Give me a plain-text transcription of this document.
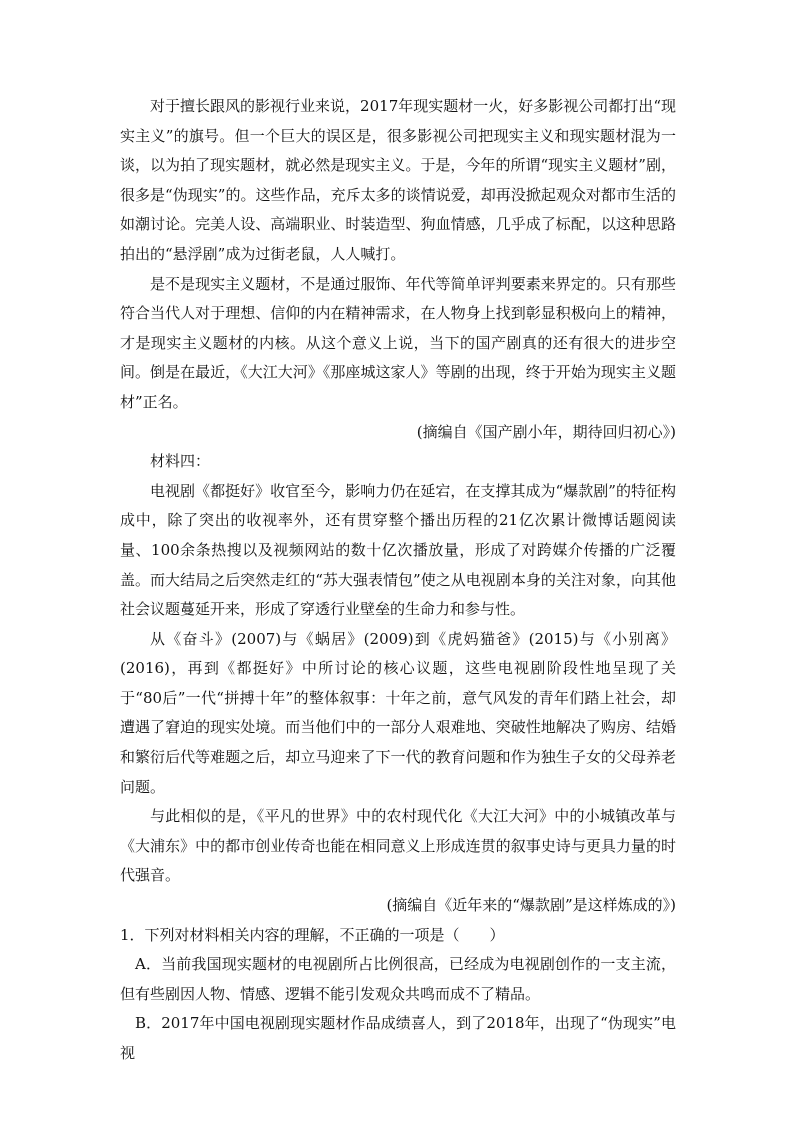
对于擅长跟风的影视行业来说，2017年现实题材一火，好多影视公司都打出“现实主义”的旗号。但一个巨大的误区是，很多影视公司把现实主义和现实题材混为一谈，以为拍了现实题材，就必然是现实主义。于是，今年的所谓“现实主义题材”剧，很多是“伪现实”的。这些作品，充斥太多的谈情说爱，却再没掀起观众对都市生活的如潮讨论。完美人设、高端职业、时装造型、狗血情感，几乎成了标配，以这种思路拍出的“悬浮剧”成为过街老鼠，人人喊打。

是不是现实主义题材，不是通过服饰、年代等简单评判要素来界定的。只有那些符合当代人对于理想、信仰的内在精神需求，在人物身上找到彰显积极向上的精神，才是现实主义题材的内核。从这个意义上说，当下的国产剧真的还有很大的进步空间。倒是在最近，《大江大河》《那座城这家人》等剧的出现，终于开始为现实主义题材”正名。

(摘编自《国产剧小年，期待回归初心》)

材料四：

电视剧《都挺好》收官至今，影响力仍在延宕，在支撑其成为“爆款剧”的特征构成中，除了突出的收视率外，还有贯穿整个播出历程的21亿次累计微博话题阅读量、100余条热搜以及视频网站的数十亿次播放量，形成了对跨媒介传播的广泛覆盖。而大结局之后突然走红的“苏大强表情包”使之从电视剧本身的关注对象，向其他社会议题蔓延开来，形成了穿透行业壁垒的生命力和参与性。

从《奋斗》(2007)与《蜗居》(2009)到《虎妈猫爸》(2015)与《小别离》(2016)，再到《都挺好》中所讨论的核心议题，这些电视剧阶段性地呈现了关于“80后”一代“拼搏十年”的整体叙事：十年之前，意气风发的青年们踏上社会，却遭遇了窘迫的现实处境。而当他们中的一部分人艰难地、突破性地解决了购房、结婚和繁衍后代等难题之后，却立马迎来了下一代的教育问题和作为独生子女的父母养老问题。

与此相似的是，《平凡的世界》中的农村现代化《大江大河》中的小城镇改革与《大浦东》中的都市创业传奇也能在相同意义上形成连贯的叙事史诗与更具力量的时代强音。

(摘编自《近年来的“爆款剧”是这样炼成的》)

1．下列对材料相关内容的理解，不正确的一项是（　　）

A．当前我国现实题材的电视剧所占比例很高，已经成为电视剧创作的一支主流，但有些剧因人物、情感、逻辑不能引发观众共鸣而成不了精品。

B．2017年中国电视剧现实题材作品成绩喜人，到了2018年，出现了“伪现实”电视
